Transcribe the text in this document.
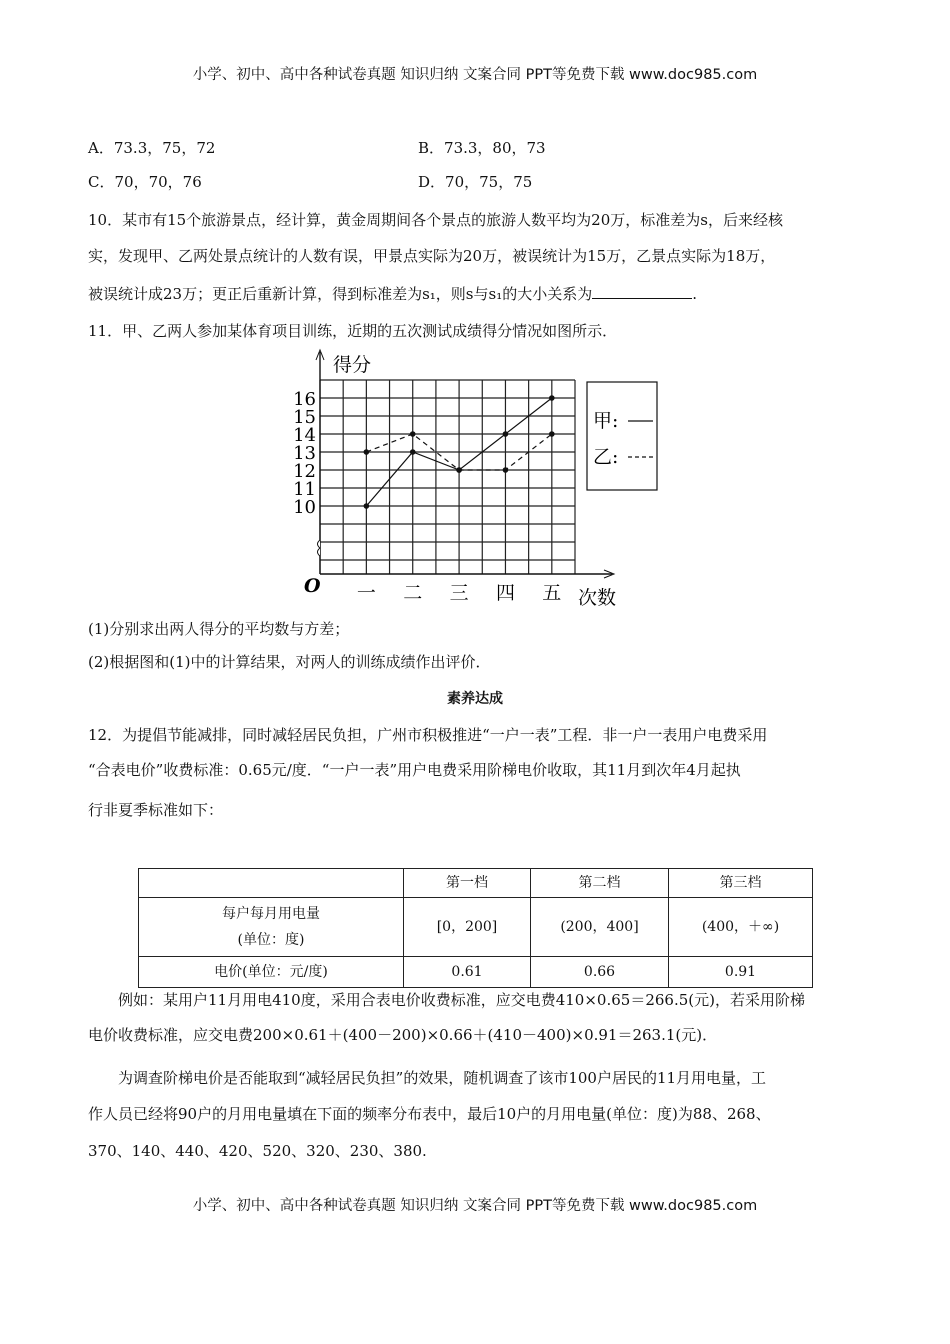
小学、初中、高中各种试卷真题 知识归纳 文案合同 PPT等免费下载 www.doc985.com
A．73.3，75，72	B．73.3，80，73
C．70，70，76	D．70，75，75
10．某市有15个旅游景点，经计算，黄金周期间各个景点的旅游人数平均为20万，标准差为s，后来经核
实，发现甲、乙两处景点统计的人数有误，甲景点实际为20万，被误统计为15万，乙景点实际为18万，
被误统计成23万；更正后重新计算，得到标准差为s₁，则s与s₁的大小关系为	.
11．甲、乙两人参加某体育项目训练，近期的五次测试成绩得分情况如图所示．
得分
次数
O
16
15
14
13
12
11
10
一 二 三 四 五
甲:
乙:
(1)分别求出两人得分的平均数与方差；
(2)根据图和(1)中的计算结果，对两人的训练成绩作出评价．
素养达成
12．为提倡节能减排，同时减轻居民负担，广州市积极推进“一户一表”工程．非一户一表用户电费采用
“合表电价”收费标准：0.65元/度．“一户一表”用户电费采用阶梯电价收取，其11月到次年4月起执
行非夏季标准如下：
	第一档	第二档	第三档

每户每月用电量
(单位：度)	[0，200]	(200，400]	(400，＋∞)
电价(单位：元/度)	0.61	0.66	0.91
例如：某用户11月用电410度，采用合表电价收费标准，应交电费410×0.65＝266.5(元)，若采用阶梯
电价收费标准，应交电费200×0.61＋(400－200)×0.66＋(410－400)×0.91＝263.1(元)．
为调查阶梯电价是否能取到“减轻居民负担”的效果，随机调查了该市100户居民的11月用电量，工
作人员已经将90户的月用电量填在下面的频率分布表中，最后10户的月用电量(单位：度)为88、268、
370、140、440、420、520、320、230、380.
小学、初中、高中各种试卷真题 知识归纳 文案合同 PPT等免费下载 www.doc985.com
